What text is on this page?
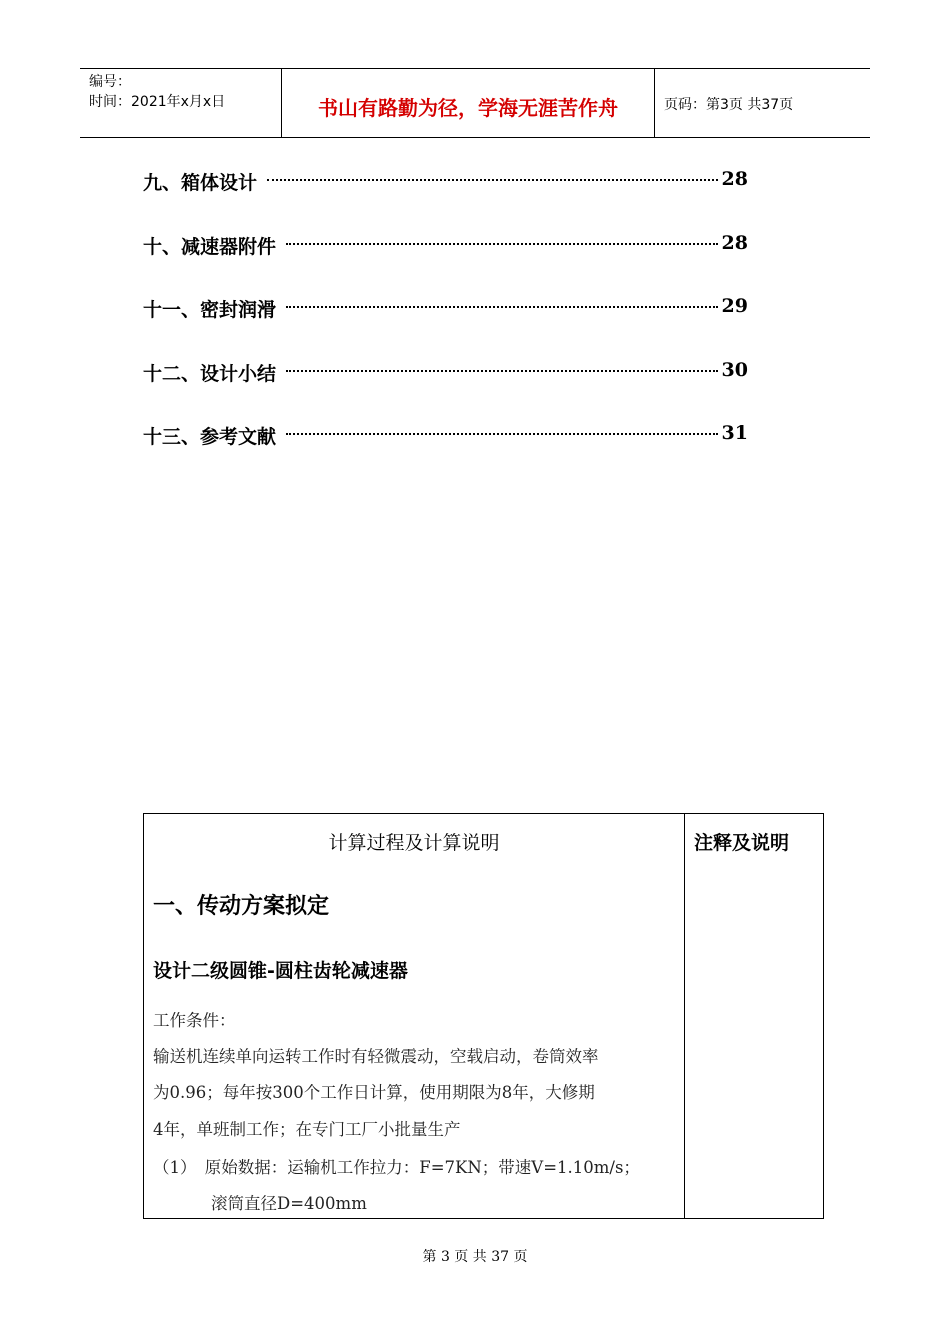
编号：
时间：2021年x月x日	书山有路勤为径，学海无涯苦作舟	页码：第3页 共37页
九、箱体设计	28
十、减速器附件	28
十一、密封润滑	29
十二、设计小结	30
十三、参考文献	31
计算过程及计算说明
一、传动方案拟定
设计二级圆锥-圆柱齿轮减速器
工作条件：
输送机连续单向运转工作时有轻微震动，空载启动，卷筒效率
为0.96；每年按300个工作日计算，使用期限为8年，大修期
4年，单班制工作；在专门工厂小批量生产
（1）　原始数据：运输机工作拉力：F=7KN；带速V=1.10m/s；
滚筒直径D=400mm
注释及说明
第 3 页 共 37 页
